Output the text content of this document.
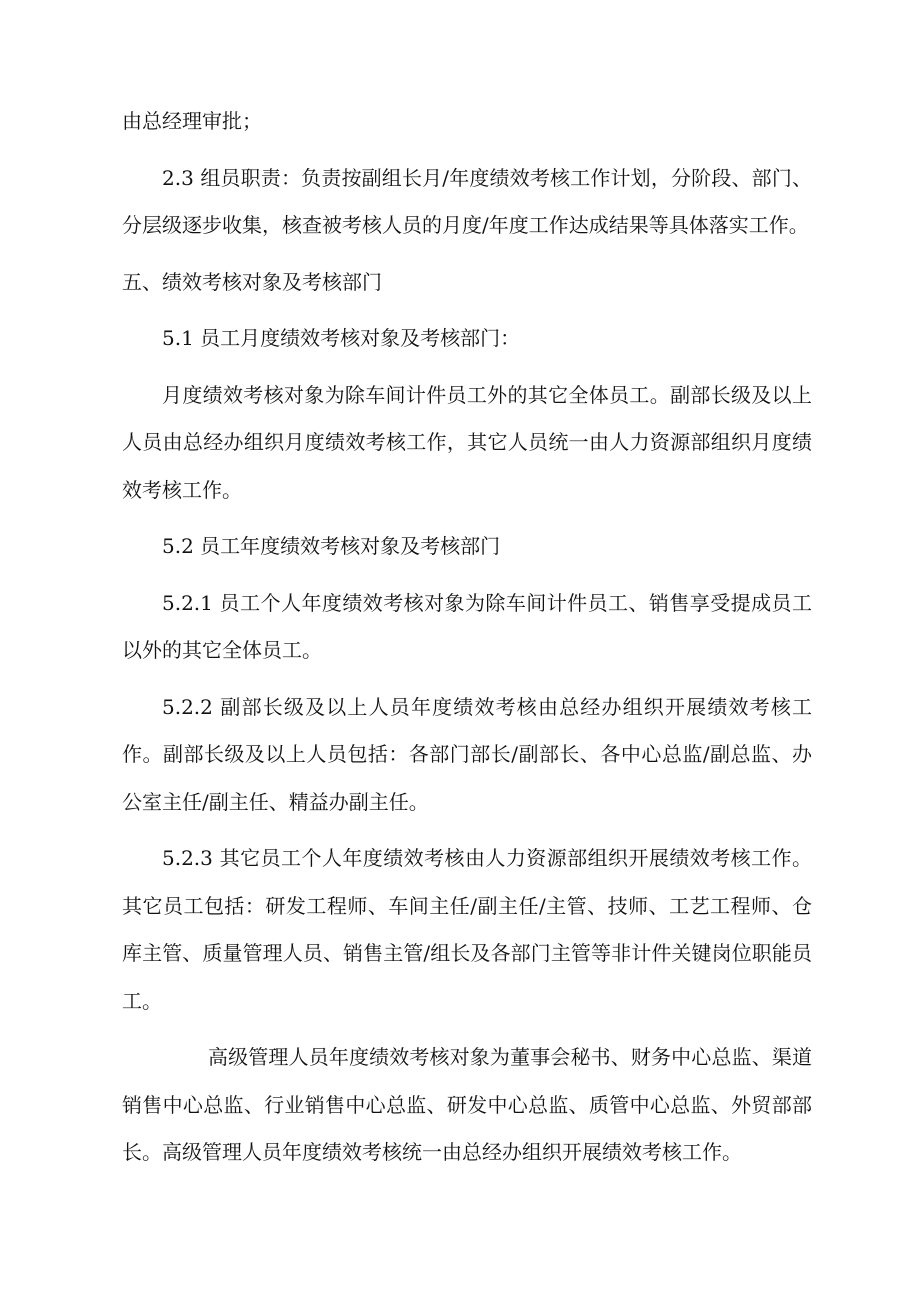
由总经理审批；

2.3 组员职责：负责按副组长月/年度绩效考核工作计划，分阶段、部门、分层级逐步收集，核查被考核人员的月度/年度工作达成结果等具体落实工作。

五、绩效考核对象及考核部门

5.1 员工月度绩效考核对象及考核部门：

月度绩效考核对象为除车间计件员工外的其它全体员工。副部长级及以上人员由总经办组织月度绩效考核工作，其它人员统一由人力资源部组织月度绩效考核工作。

5.2 员工年度绩效考核对象及考核部门

5.2.1 员工个人年度绩效考核对象为除车间计件员工、销售享受提成员工以外的其它全体员工。

5.2.2 副部长级及以上人员年度绩效考核由总经办组织开展绩效考核工作。副部长级及以上人员包括：各部门部长/副部长、各中心总监/副总监、办公室主任/副主任、精益办副主任。

5.2.3 其它员工个人年度绩效考核由人力资源部组织开展绩效考核工作。其它员工包括：研发工程师、车间主任/副主任/主管、技师、工艺工程师、仓库主管、质量管理人员、销售主管/组长及各部门主管等非计件关键岗位职能员工。

高级管理人员年度绩效考核对象为董事会秘书、财务中心总监、渠道销售中心总监、行业销售中心总监、研发中心总监、质管中心总监、外贸部部长。高级管理人员年度绩效考核统一由总经办组织开展绩效考核工作。
